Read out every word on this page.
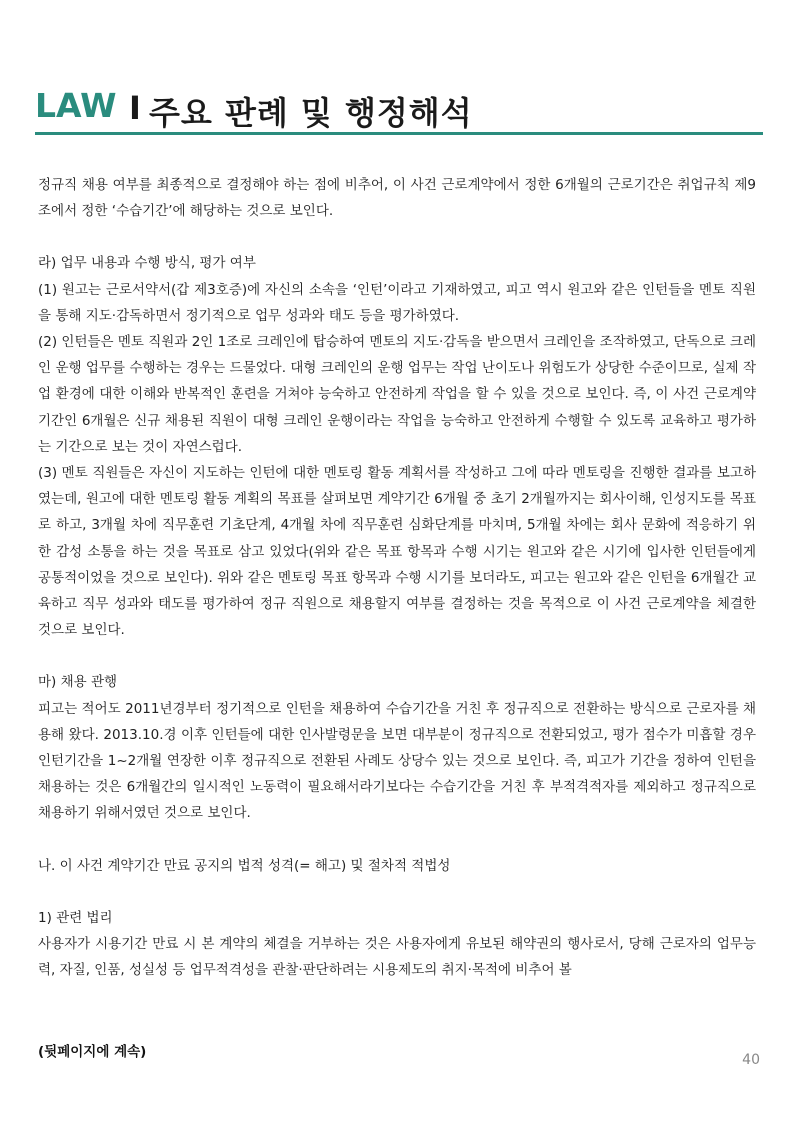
LAW I 주요 판례 및 행정해석

정규직 채용 여부를 최종적으로 결정해야 하는 점에 비추어, 이 사건 근로계약에서 정한 6개월의 근로기간은 취업규칙 제9조에서 정한 ‘수습기간’에 해당하는 것으로 보인다.

라) 업무 내용과 수행 방식, 평가 여부

(1) 원고는 근로서약서(갑 제3호증)에 자신의 소속을 ‘인턴’이라고 기재하였고, 피고 역시 원고와 같은 인턴들을 멘토 직원을 통해 지도·감독하면서 정기적으로 업무 성과와 태도 등을 평가하였다.

(2) 인턴들은 멘토 직원과 2인 1조로 크레인에 탑승하여 멘토의 지도·감독을 받으면서 크레인을 조작하였고, 단독으로 크레인 운행 업무를 수행하는 경우는 드물었다. 대형 크레인의 운행 업무는 작업 난이도나 위험도가 상당한 수준이므로, 실제 작업 환경에 대한 이해와 반복적인 훈련을 거쳐야 능숙하고 안전하게 작업을 할 수 있을 것으로 보인다. 즉, 이 사건 근로계약 기간인 6개월은 신규 채용된 직원이 대형 크레인 운행이라는 작업을 능숙하고 안전하게 수행할 수 있도록 교육하고 평가하는 기간으로 보는 것이 자연스럽다.

(3) 멘토 직원들은 자신이 지도하는 인턴에 대한 멘토링 활동 계획서를 작성하고 그에 따라 멘토링을 진행한 결과를 보고하였는데, 원고에 대한 멘토링 활동 계획의 목표를 살펴보면 계약기간 6개월 중 초기 2개월까지는 회사이해, 인성지도를 목표로 하고, 3개월 차에 직무훈련 기초단계, 4개월 차에 직무훈련 심화단계를 마치며, 5개월 차에는 회사 문화에 적응하기 위한 감성 소통을 하는 것을 목표로 삼고 있었다(위와 같은 목표 항목과 수행 시기는 원고와 같은 시기에 입사한 인턴들에게 공통적이었을 것으로 보인다). 위와 같은 멘토링 목표 항목과 수행 시기를 보더라도, 피고는 원고와 같은 인턴을 6개월간 교육하고 직무 성과와 태도를 평가하여 정규 직원으로 채용할지 여부를 결정하는 것을 목적으로 이 사건 근로계약을 체결한 것으로 보인다.

마) 채용 관행

피고는 적어도 2011년경부터 정기적으로 인턴을 채용하여 수습기간을 거친 후 정규직으로 전환하는 방식으로 근로자를 채용해 왔다. 2013.10.경 이후 인턴들에 대한 인사발령문을 보면 대부분이 정규직으로 전환되었고, 평가 점수가 미흡할 경우 인턴기간을 1~2개월 연장한 이후 정규직으로 전환된 사례도 상당수 있는 것으로 보인다. 즉, 피고가 기간을 정하여 인턴을 채용하는 것은 6개월간의 일시적인 노동력이 필요해서라기보다는 수습기간을 거친 후 부적격적자를 제외하고 정규직으로 채용하기 위해서였던 것으로 보인다.

나. 이 사건 계약기간 만료 공지의 법적 성격(= 해고) 및 절차적 적법성

1) 관련 법리

사용자가 시용기간 만료 시 본 계약의 체결을 거부하는 것은 사용자에게 유보된 해약권의 행사로서, 당해 근로자의 업무능력, 자질, 인품, 성실성 등 업무적격성을 관찰·판단하려는 시용제도의 취지·목적에 비추어 볼

(뒷페이지에 계속)	40
